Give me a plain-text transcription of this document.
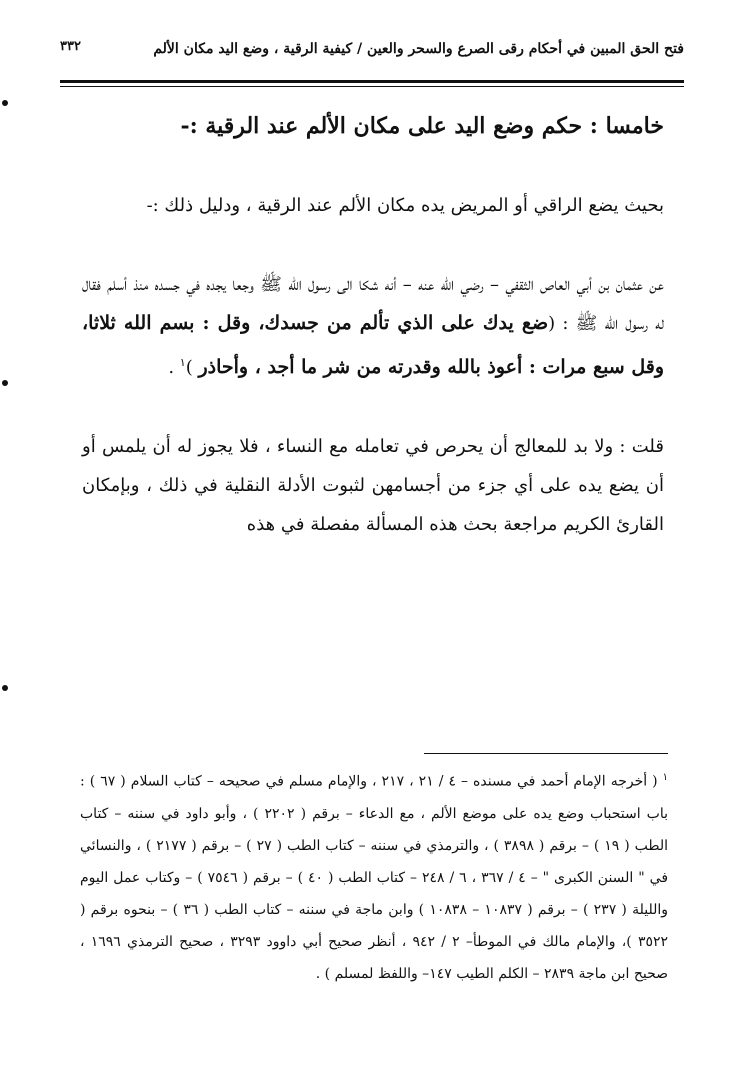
فتح الحق المبين في أحكام رقى الصرع والسحر والعين / كيفية الرقية ، وضع اليد مكان الألم
٣٣٢
خامسا : حكم وضع اليد على مكان الألم عند الرقية :-

بحيث يضع الراقي أو المريض يده مكان الألم عند الرقية ، ودليل ذلك :-

عن عثمان بن أبي العاص الثقفي – رضي الله عنه – أنه شكا الى رسول الله ﷺ وجعا يجده في جسده منذ أسلم فقال له رسول الله ﷺ : (ضع يدك على الذي تألم من جسدك، وقل : بسم الله ثلاثا، وقل سبع مرات : أعوذ بالله وقدرته من شر ما أجد ، وأحاذر )$^١$ .

قلت : ولا بد للمعالج أن يحرص في تعامله مع النساء ، فلا يجوز له أن يلمس أو أن يضع يده على أي جزء من أجسامهن لثبوت الأدلة النقلية في ذلك ، وبإمكان القارئ الكريم مراجعة بحث هذه المسألة مفصلة في هذه

$^١$ ( أخرجه الإمام أحمد في مسنده – ٤ / ٢١ ، ٢١٧ ، والإمام مسلم في صحيحه – كتاب السلام ( ٦٧ ) : باب استحباب وضع يده على موضع الألم ، مع الدعاء – برقم ( ٢٢٠٢ ) ، وأبو داود في سننه – كتاب الطب ( ١٩ ) – برقم ( ٣٨٩٨ ) ، والترمذي في سننه – كتاب الطب ( ٢٧ ) – برقم ( ٢١٧٧ ) ، والنسائي في " السنن الكبرى " – ٤ / ٣٦٧ ، ٦ / ٢٤٨ – كتاب الطب ( ٤٠ ) – برقم ( ٧٥٤٦ ) – وكتاب عمل اليوم والليلة ( ٢٣٧ ) – برقم ( ١٠٨٣٧ – ١٠٨٣٨ ) وابن ماجة في سننه – كتاب الطب ( ٣٦ ) – بنحوه برقم ( ٣٥٢٢ )، والإمام مالك في الموطأ– ٢ / ٩٤٢ ، أنظر صحيح أبي داوود ٣٢٩٣ ، صحيح الترمذي ١٦٩٦ ، صحيح ابن ماجة ٢٨٣٩ – الكلم الطيب ١٤٧– واللفظ لمسلم ) .
